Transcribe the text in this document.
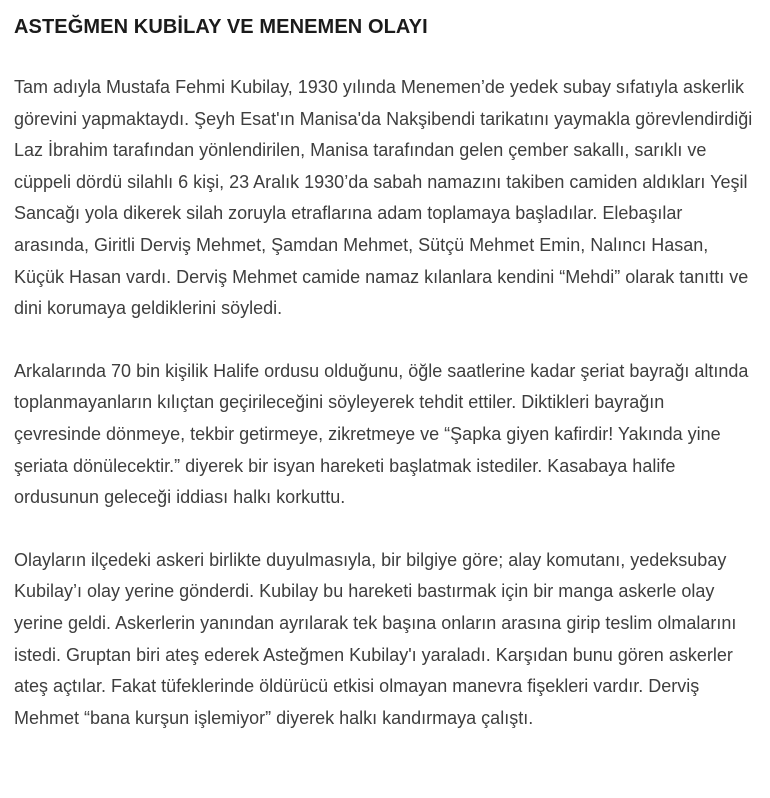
ASTEĞMEN KUBİLAY VE MENEMEN OLAYI

Tam adıyla Mustafa Fehmi Kubilay, 1930 yılında Menemen’de yedek subay sıfatıyla askerlik görevini yapmaktaydı. Şeyh Esat'ın Manisa'da Nakşibendi tarikatını yaymakla görevlendirdiği Laz İbrahim tarafından yönlendirilen, Manisa tarafından gelen çember sakallı, sarıklı ve cüppeli dördü silahlı 6 kişi, 23 Aralık 1930’da sabah namazını takiben camiden aldıkları Yeşil Sancağı yola dikerek silah zoruyla etraflarına adam toplamaya başladılar. Elebaşılar arasında, Giritli Derviş Mehmet, Şamdan Mehmet, Sütçü Mehmet Emin, Nalıncı Hasan, Küçük Hasan vardı. Derviş Mehmet camide namaz kılanlara kendini “Mehdi” olarak tanıttı ve dini korumaya geldiklerini söyledi.

Arkalarında 70 bin kişilik Halife ordusu olduğunu, öğle saatlerine kadar şeriat bayrağı altında toplanmayanların kılıçtan geçirileceğini söyleyerek tehdit ettiler. Diktikleri bayrağın çevresinde dönmeye, tekbir getirmeye, zikretmeye ve “Şapka giyen kafirdir! Yakında yine şeriata dönülecektir.” diyerek bir isyan hareketi başlatmak istediler. Kasabaya halife ordusunun geleceği iddiası halkı korkuttu.

Olayların ilçedeki askeri birlikte duyulmasıyla, bir bilgiye göre; alay komutanı, yedeksubay Kubilay’ı olay yerine gönderdi. Kubilay bu hareketi bastırmak için bir manga askerle olay yerine geldi. Askerlerin yanından ayrılarak tek başına onların arasına girip teslim olmalarını istedi. Gruptan biri ateş ederek Asteğmen Kubilay'ı yaraladı. Karşıdan bunu gören askerler ateş açtılar. Fakat tüfeklerinde öldürücü etkisi olmayan manevra fişekleri vardır. Derviş Mehmet “bana kurşun işlemiyor” diyerek halkı kandırmaya çalıştı.
